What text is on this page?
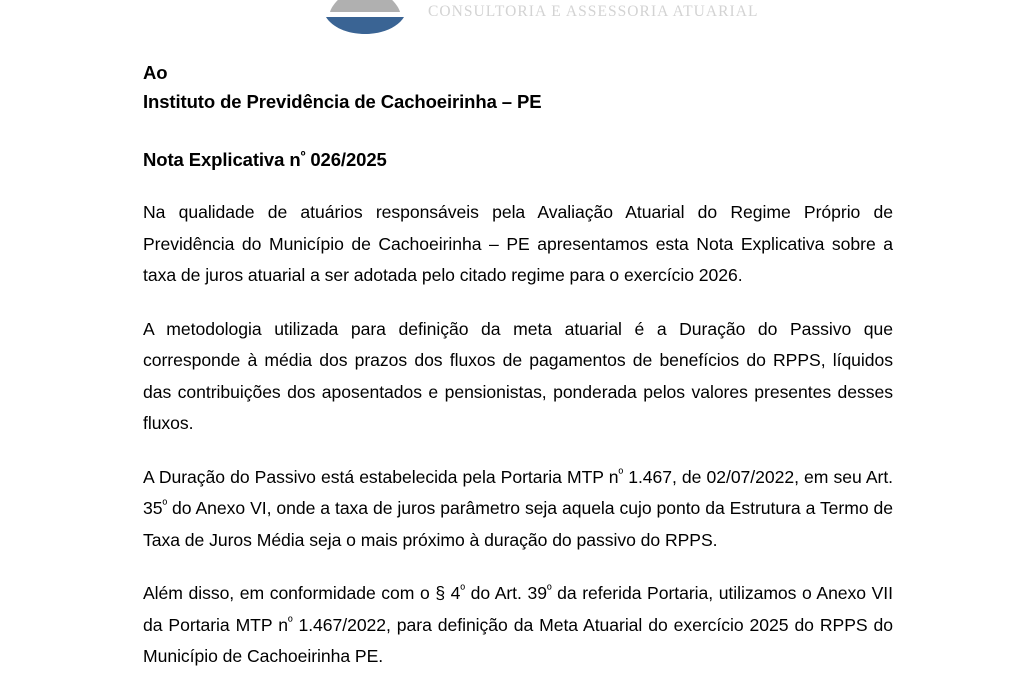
CONSULTORIA E ASSESSORIA ATUARIAL
Ao
Instituto de Previdência de Cachoeirinha – PE
Nota Explicativa $n^º$ 026/2025

Na qualidade de atuários responsáveis pela Avaliação Atuarial do Regime Próprio de Previdência do Município de Cachoeirinha – PE apresentamos esta Nota Explicativa sobre a taxa de juros atuarial a ser adotada pelo citado regime para o exercício 2026.

A metodologia utilizada para definição da meta atuarial é a Duração do Passivo que corresponde à média dos prazos dos fluxos de pagamentos de benefícios do RPPS, líquidos das contribuições dos aposentados e pensionistas, ponderada pelos valores presentes desses fluxos.

A Duração do Passivo está estabelecida pela Portaria MTP $n^º$ 1.467, de 02/07/2022, em seu Art. $35^º$ do Anexo VI, onde a taxa de juros parâmetro seja aquela cujo ponto da Estrutura a Termo de Taxa de Juros Média seja o mais próximo à duração do passivo do RPPS.

Além disso, em conformidade com o § $4^º$ do Art. $39^º$ da referida Portaria, utilizamos o Anexo VII da Portaria MTP $n^º$ 1.467/2022, para definição da Meta Atuarial do exercício 2025 do RPPS do Município de Cachoeirinha PE.
